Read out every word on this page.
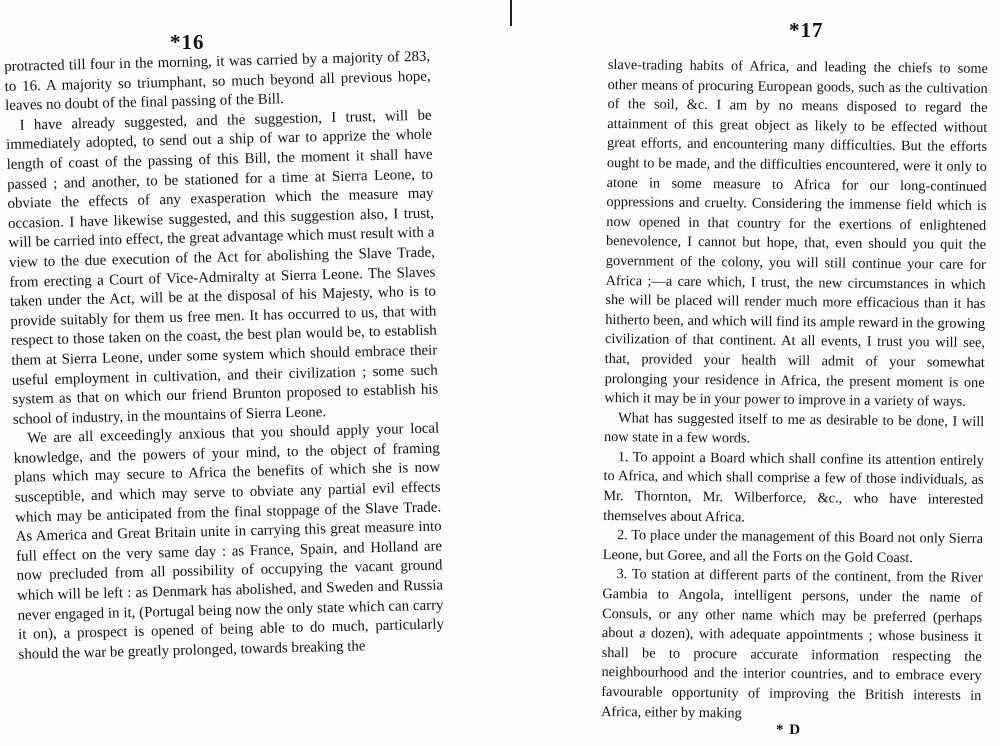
*16

protracted till four in the morning, it was carried by a majority of 283, to 16. A majority so triumphant, so much beyond all previous hope, leaves no doubt of the final passing of the Bill.

I have already suggested, and the suggestion, I trust, will be immediately adopted, to send out a ship of war to apprize the whole length of coast of the passing of this Bill, the moment it shall have passed ; and another, to be stationed for a time at Sierra Leone, to obviate the effects of any exasperation which the measure may occasion. I have likewise suggested, and this suggestion also, I trust, will be carried into effect, the great advantage which must result with a view to the due execution of the Act for abolishing the Slave Trade, from erecting a Court of Vice-Admiralty at Sierra Leone. The Slaves taken under the Act, will be at the disposal of his Majesty, who is to provide suitably for them us free men. It has occurred to us, that with respect to those taken on the coast, the best plan would be, to establish them at Sierra Leone, under some system which should embrace their useful employment in cultivation, and their civilization ; some such system as that on which our friend Brunton proposed to establish his school of industry, in the mountains of Sierra Leone.

We are all exceedingly anxious that you should apply your local knowledge, and the powers of your mind, to the object of framing plans which may secure to Africa the benefits of which she is now susceptible, and which may serve to obviate any partial evil effects which may be anticipated from the final stoppage of the Slave Trade. As America and Great Britain unite in carrying this great measure into full effect on the very same day : as France, Spain, and Holland are now precluded from all possibility of occupying the vacant ground which will be left : as Denmark has abolished, and Sweden and Russia never engaged in it, (Portugal being now the only state which can carry it on), a prospect is opened of being able to do much, particularly should the war be greatly prolonged, towards breaking the

*17

slave-trading habits of Africa, and leading the chiefs to some other means of procuring European goods, such as the cultivation of the soil, &c. I am by no means disposed to regard the attainment of this great object as likely to be effected without great efforts, and encountering many difficulties. But the efforts ought to be made, and the difficulties encountered, were it only to atone in some measure to Africa for our long-continued oppressions and cruelty. Considering the immense field which is now opened in that country for the exertions of enlightened benevolence, I cannot but hope, that, even should you quit the government of the colony, you will still continue your care for Africa ;—a care which, I trust, the new circumstances in which she will be placed will render much more efficacious than it has hitherto been, and which will find its ample reward in the growing civilization of that continent. At all events, I trust you will see, that, provided your health will admit of your somewhat prolonging your residence in Africa, the present moment is one which it may be in your power to improve in a variety of ways.

What has suggested itself to me as desirable to be done, I will now state in a few words.

1. To appoint a Board which shall confine its attention entirely to Africa, and which shall comprise a few of those individuals, as Mr. Thornton, Mr. Wilberforce, &c., who have interested themselves about Africa.

2. To place under the management of this Board not only Sierra Leone, but Goree, and all the Forts on the Gold Coast.

3. To station at different parts of the continent, from the River Gambia to Angola, intelligent persons, under the name of Consuls, or any other name which may be preferred (perhaps about a dozen), with adequate appointments ; whose business it shall be to procure accurate information respecting the neighbourhood and the interior countries, and to embrace every favourable opportunity of improving the British interests in Africa, either by making

* D
